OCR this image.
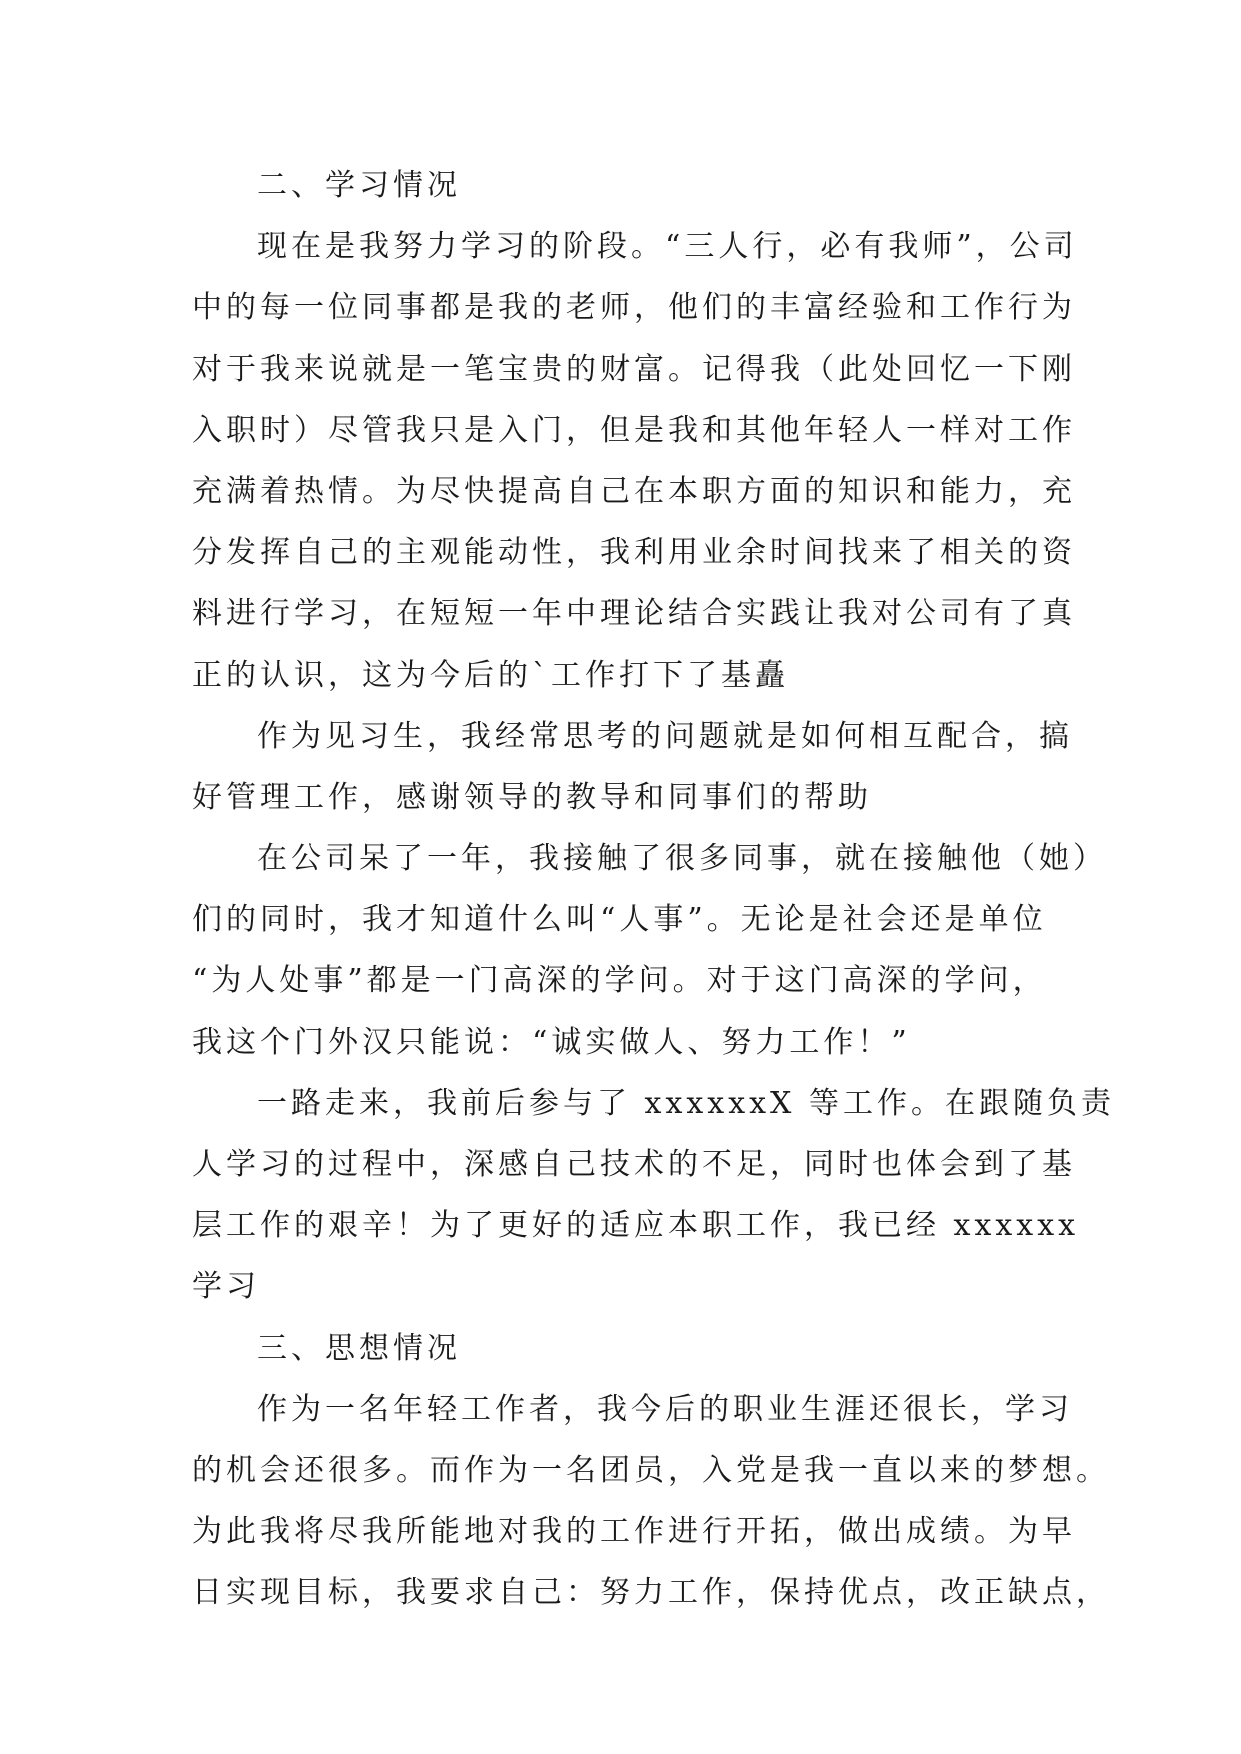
二、学习情况
现在是我努力学习的阶段。“三人行，必有我师”，公司
中的每一位同事都是我的老师，他们的丰富经验和工作行为
对于我来说就是一笔宝贵的财富。记得我（此处回忆一下刚
入职时）尽管我只是入门，但是我和其他年轻人一样对工作
充满着热情。为尽快提高自己在本职方面的知识和能力，充
分发挥自己的主观能动性，我利用业余时间找来了相关的资
料进行学习，在短短一年中理论结合实践让我对公司有了真
正的认识，这为今后的`工作打下了基矗
作为见习生，我经常思考的问题就是如何相互配合，搞
好管理工作，感谢领导的教导和同事们的帮助
在公司呆了一年，我接触了很多同事，就在接触他（她）
们的同时，我才知道什么叫“人事”。无论是社会还是单位
“为人处事”都是一门高深的学问。对于这门高深的学问，
我这个门外汉只能说：“诚实做人、努力工作！”
一路走来，我前后参与了 xxxxxxX 等工作。在跟随负责
人学习的过程中，深感自己技术的不足，同时也体会到了基
层工作的艰辛！为了更好的适应本职工作，我已经 xxxxxx
学习
三、思想情况
作为一名年轻工作者，我今后的职业生涯还很长，学习
的机会还很多。而作为一名团员，入党是我一直以来的梦想。
为此我将尽我所能地对我的工作进行开拓，做出成绩。为早
日实现目标，我要求自己：努力工作，保持优点，改正缺点，
